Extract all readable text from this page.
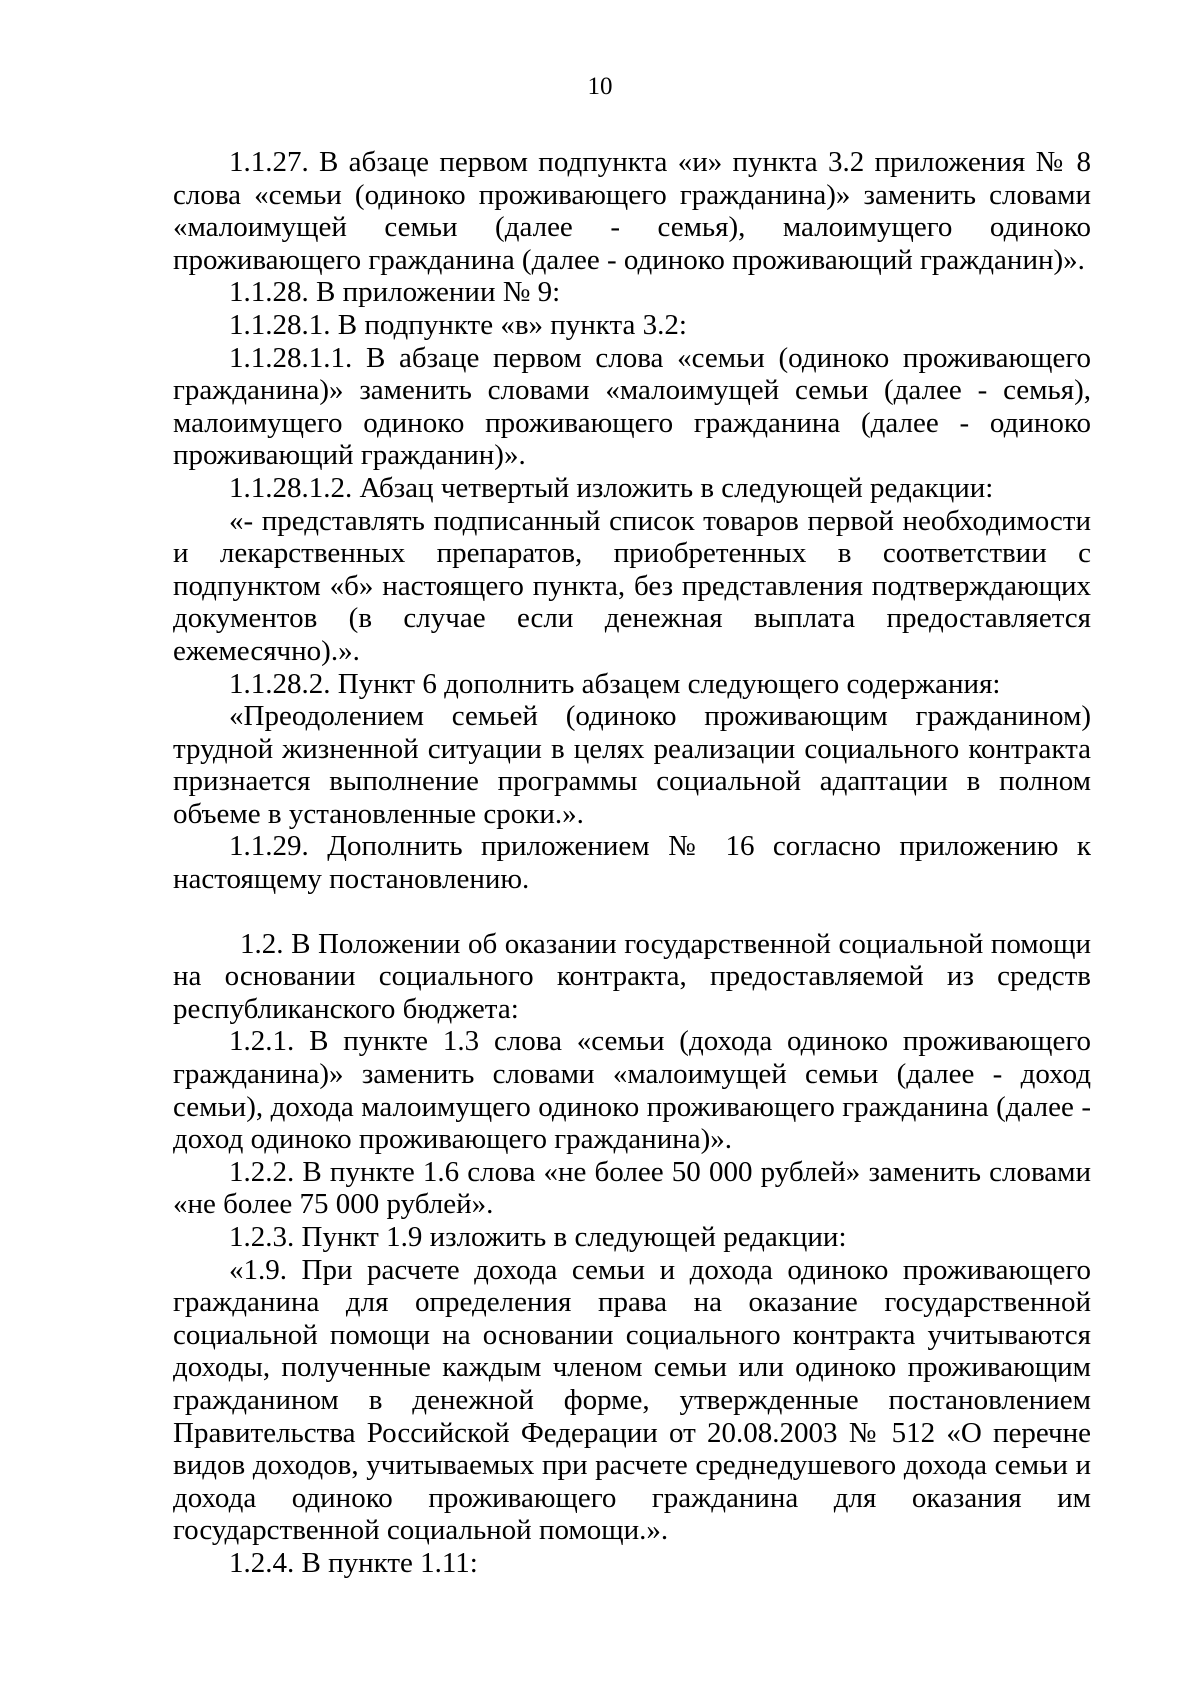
10

1.1.27. В абзаце первом подпункта «и» пункта 3.2 приложения № 8 слова «семьи (одиноко проживающего гражданина)» заменить словами «малоимущей семьи (далее - семья), малоимущего одиноко проживающего гражданина (далее - одиноко проживающий гражданин)».

1.1.28. В приложении № 9:

1.1.28.1. В подпункте «в» пункта 3.2:

1.1.28.1.1. В абзаце первом слова «семьи (одиноко проживающего гражданина)» заменить словами «малоимущей семьи (далее - семья), малоимущего одиноко проживающего гражданина (далее - одиноко проживающий гражданин)».

1.1.28.1.2. Абзац четвертый изложить в следующей редакции:

«- представлять подписанный список товаров первой необходимости и лекарственных препаратов, приобретенных в соответствии с подпунктом «б» настоящего пункта, без представления подтверждающих документов (в случае если денежная выплата предоставляется ежемесячно).».

1.1.28.2. Пункт 6 дополнить абзацем следующего содержания:

«Преодолением семьей (одиноко проживающим гражданином) трудной жизненной ситуации в целях реализации социального контракта признается выполнение программы социальной адаптации в полном объеме в установленные сроки.».

1.1.29. Дополнить приложением № 16 согласно приложению к настоящему постановлению.

1.2. В Положении об оказании государственной социальной помощи на основании социального контракта, предоставляемой из средств республиканского бюджета:

1.2.1. В пункте 1.3 слова «семьи (дохода одиноко проживающего гражданина)» заменить словами «малоимущей семьи (далее - доход семьи), дохода малоимущего одиноко проживающего гражданина (далее - доход одиноко проживающего гражданина)».

1.2.2. В пункте 1.6 слова «не более 50 000 рублей» заменить словами «не более 75 000 рублей».

1.2.3. Пункт 1.9 изложить в следующей редакции:

«1.9. При расчете дохода семьи и дохода одиноко проживающего гражданина для определения права на оказание государственной социальной помощи на основании социального контракта учитываются доходы, полученные каждым членом семьи или одиноко проживающим гражданином в денежной форме, утвержденные постановлением Правительства Российской Федерации от 20.08.2003 № 512 «О перечне видов доходов, учитываемых при расчете среднедушевого дохода семьи и дохода одиноко проживающего гражданина для оказания им государственной социальной помощи.».

1.2.4. В пункте 1.11:
